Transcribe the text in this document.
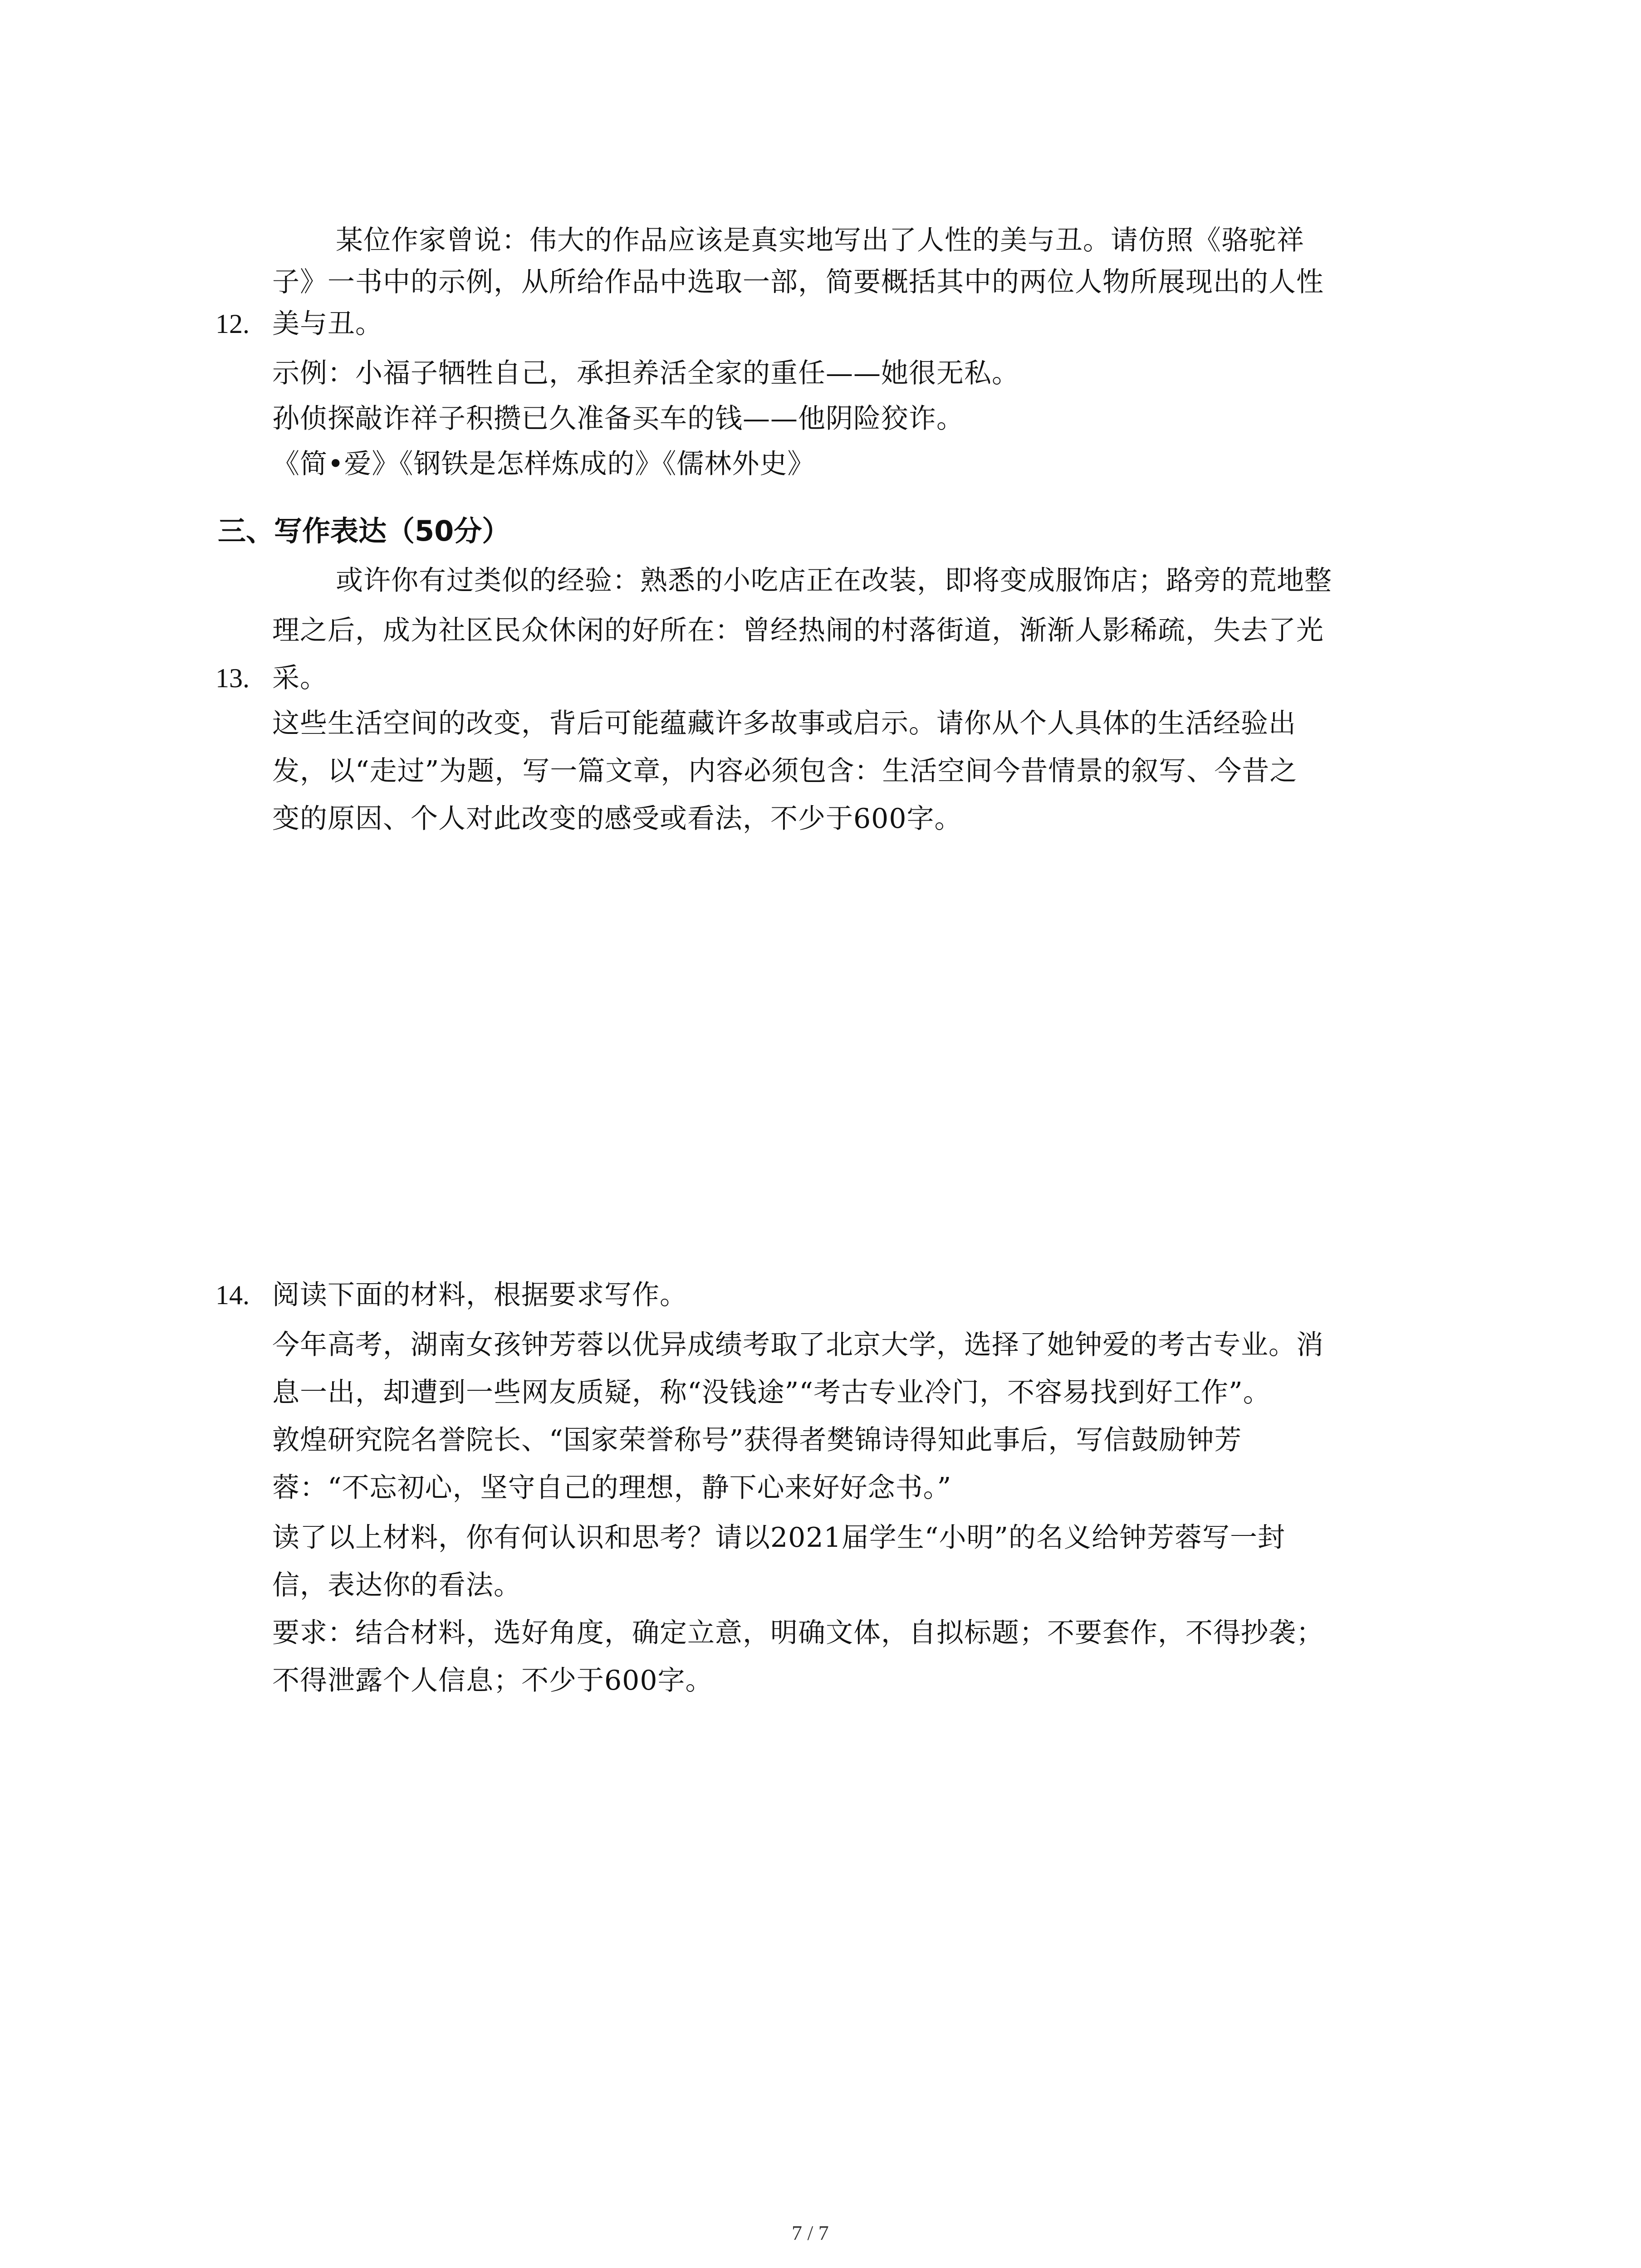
某位作家曾说：伟大的作品应该是真实地写出了人性的美与丑。请仿照《骆驼祥
子》一书中的示例，从所给作品中选取一部，简要概括其中的两位人物所展现出的人性
12. 美与丑。
示例：小福子牺牲自己，承担养活全家的重任——她很无私。
孙侦探敲诈祥子积攒已久准备买车的钱——他阴险狡诈。
《简•爱》《钢铁是怎样炼成的》《儒林外史》
三、写作表达（50分）
或许你有过类似的经验：熟悉的小吃店正在改装，即将变成服饰店；路旁的荒地整
理之后，成为社区民众休闲的好所在：曾经热闹的村落街道，渐渐人影稀疏，失去了光
13. 采。
这些生活空间的改变，背后可能蕴藏许多故事或启示。请你从个人具体的生活经验出
发，以“走过”为题，写一篇文章，内容必须包含：生活空间今昔情景的叙写、今昔之
变的原因、个人对此改变的感受或看法，不少于600字。
14. 阅读下面的材料，根据要求写作。
今年高考，湖南女孩钟芳蓉以优异成绩考取了北京大学，选择了她钟爱的考古专业。消
息一出，却遭到一些网友质疑，称“没钱途”“考古专业冷门，不容易找到好工作”。
敦煌研究院名誉院长、“国家荣誉称号”获得者樊锦诗得知此事后，写信鼓励钟芳
蓉：“不忘初心，坚守自己的理想，静下心来好好念书。”
读了以上材料，你有何认识和思考？请以2021届学生“小明”的名义给钟芳蓉写一封
信，表达你的看法。
要求：结合材料，选好角度，确定立意，明确文体，自拟标题；不要套作，不得抄袭；
不得泄露个人信息；不少于600字。
7 / 7
